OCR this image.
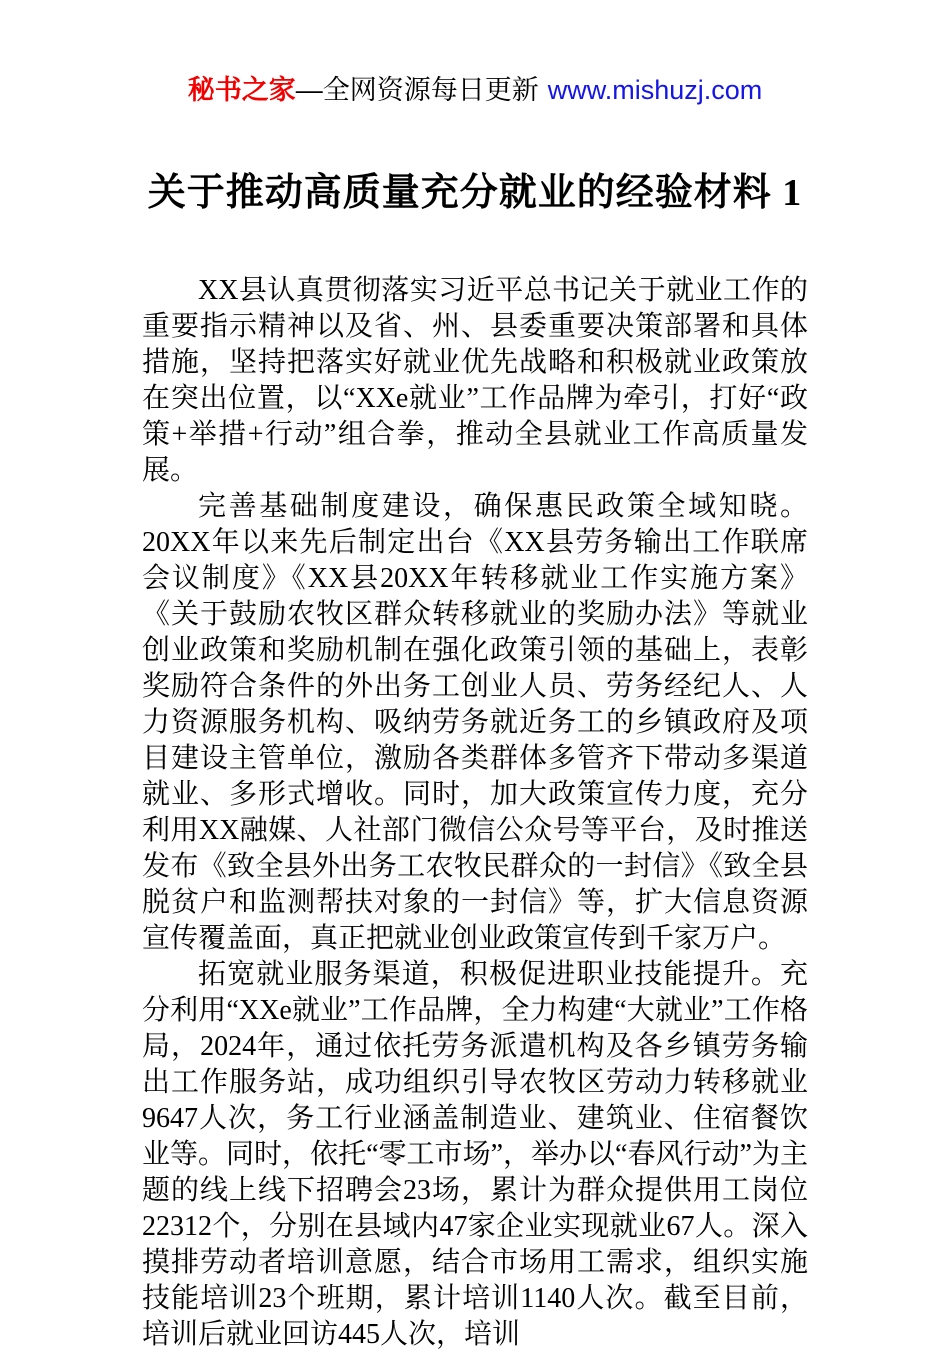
秘书之家—全网资源每日更新 www.mishuzj.com
关于推动高质量充分就业的经验材料 1

XX县认真贯彻落实习近平总书记关于就业工作的重要指示精神以及省、州、县委重要决策部署和具体措施，坚持把落实好就业优先战略和积极就业政策放在突出位置，以“XXe就业”工作品牌为牵引，打好“政策+举措+行动”组合拳，推动全县就业工作高质量发展。

完善基础制度建设，确保惠民政策全域知晓。20XX年以来先后制定出台《XX县劳务输出工作联席会议制度》《XX县20XX年转移就业工作实施方案》《关于鼓励农牧区群众转移就业的奖励办法》等就业创业政策和奖励机制在强化政策引领的基础上，表彰奖励符合条件的外出务工创业人员、劳务经纪人、人力资源服务机构、吸纳劳务就近务工的乡镇政府及项目建设主管单位，激励各类群体多管齐下带动多渠道就业、多形式增收。同时，加大政策宣传力度，充分利用XX融媒、人社部门微信公众号等平台，及时推送发布《致全县外出务工农牧民群众的一封信》《致全县脱贫户和监测帮扶对象的一封信》等，扩大信息资源宣传覆盖面，真正把就业创业政策宣传到千家万户。

拓宽就业服务渠道，积极促进职业技能提升。充分利用“XXe就业”工作品牌，全力构建“大就业”工作格局，2024年，通过依托劳务派遣机构及各乡镇劳务输出工作服务站，成功组织引导农牧区劳动力转移就业9647人次，务工行业涵盖制造业、建筑业、住宿餐饮业等。同时，依托“零工市场”，举办以“春风行动”为主题的线上线下招聘会23场，累计为群众提供用工岗位22312个，分别在县域内47家企业实现就业67人。深入摸排劳动者培训意愿，结合市场用工需求，组织实施技能培训23个班期，累计培训1140人次。截至目前，培训后就业回访445人次，培训
